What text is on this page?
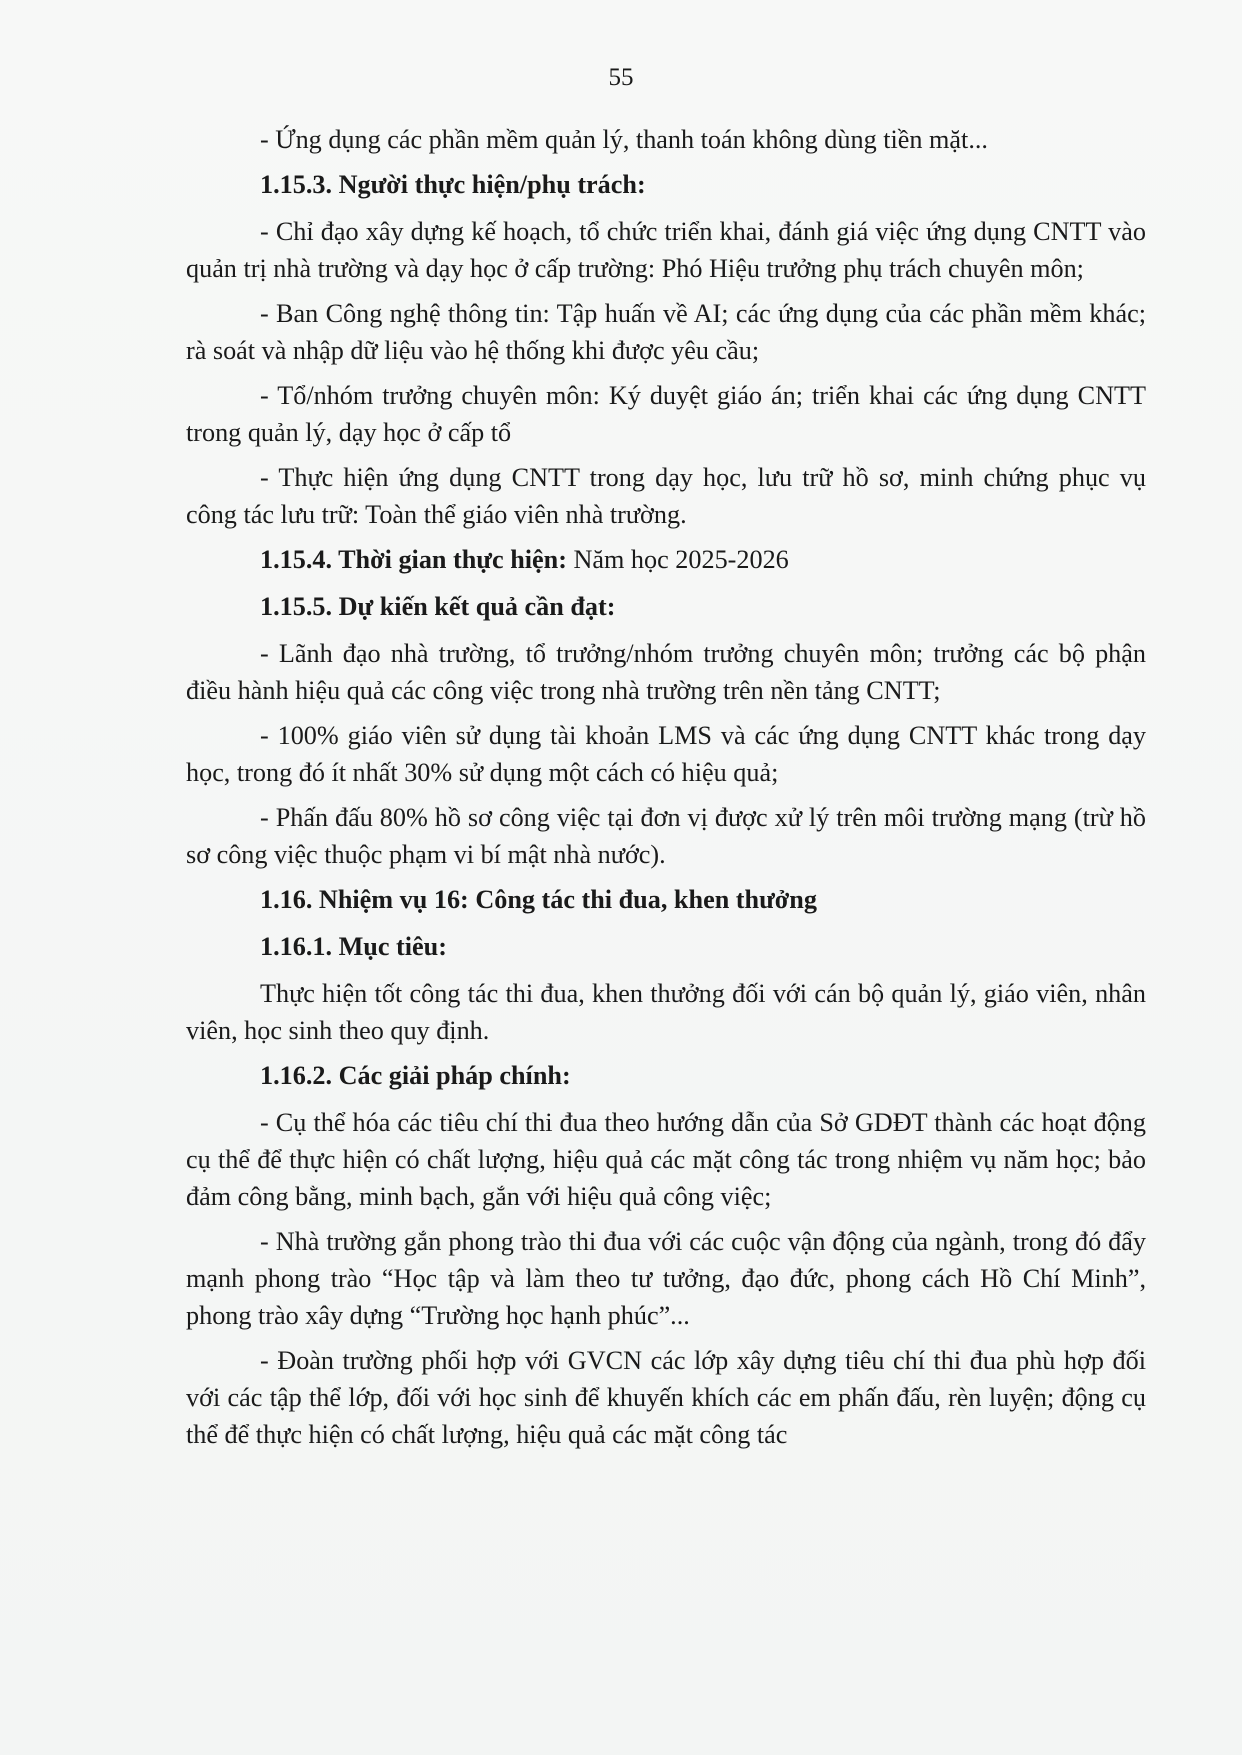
55

- Ứng dụng các phần mềm quản lý, thanh toán không dùng tiền mặt...

1.15.3. Người thực hiện/phụ trách:

- Chỉ đạo xây dựng kế hoạch, tổ chức triển khai, đánh giá việc ứng dụng CNTT vào quản trị nhà trường và dạy học ở cấp trường: Phó Hiệu trưởng phụ trách chuyên môn;

- Ban Công nghệ thông tin: Tập huấn về AI; các ứng dụng của các phần mềm khác; rà soát và nhập dữ liệu vào hệ thống khi được yêu cầu;

- Tổ/nhóm trưởng chuyên môn: Ký duyệt giáo án; triển khai các ứng dụng CNTT trong quản lý, dạy học ở cấp tổ

- Thực hiện ứng dụng CNTT trong dạy học, lưu trữ hồ sơ, minh chứng phục vụ công tác lưu trữ: Toàn thể giáo viên nhà trường.

1.15.4. Thời gian thực hiện: Năm học 2025-2026

1.15.5. Dự kiến kết quả cần đạt:

- Lãnh đạo nhà trường, tổ trưởng/nhóm trưởng chuyên môn; trưởng các bộ phận điều hành hiệu quả các công việc trong nhà trường trên nền tảng CNTT;

- 100% giáo viên sử dụng tài khoản LMS và các ứng dụng CNTT khác trong dạy học, trong đó ít nhất 30% sử dụng một cách có hiệu quả;

- Phấn đấu 80% hồ sơ công việc tại đơn vị được xử lý trên môi trường mạng (trừ hồ sơ công việc thuộc phạm vi bí mật nhà nước).

1.16. Nhiệm vụ 16: Công tác thi đua, khen thưởng

1.16.1. Mục tiêu:

Thực hiện tốt công tác thi đua, khen thưởng đối với cán bộ quản lý, giáo viên, nhân viên, học sinh theo quy định.

1.16.2. Các giải pháp chính:

- Cụ thể hóa các tiêu chí thi đua theo hướng dẫn của Sở GDĐT thành các hoạt động cụ thể để thực hiện có chất lượng, hiệu quả các mặt công tác trong nhiệm vụ năm học; bảo đảm công bằng, minh bạch, gắn với hiệu quả công việc;

- Nhà trường gắn phong trào thi đua với các cuộc vận động của ngành, trong đó đẩy mạnh phong trào “Học tập và làm theo tư tưởng, đạo đức, phong cách Hồ Chí Minh”, phong trào xây dựng “Trường học hạnh phúc”...

- Đoàn trường phối hợp với GVCN các lớp xây dựng tiêu chí thi đua phù hợp đối với các tập thể lớp, đối với học sinh để khuyến khích các em phấn đấu, rèn luyện; động cụ thể để thực hiện có chất lượng, hiệu quả các mặt công tác
